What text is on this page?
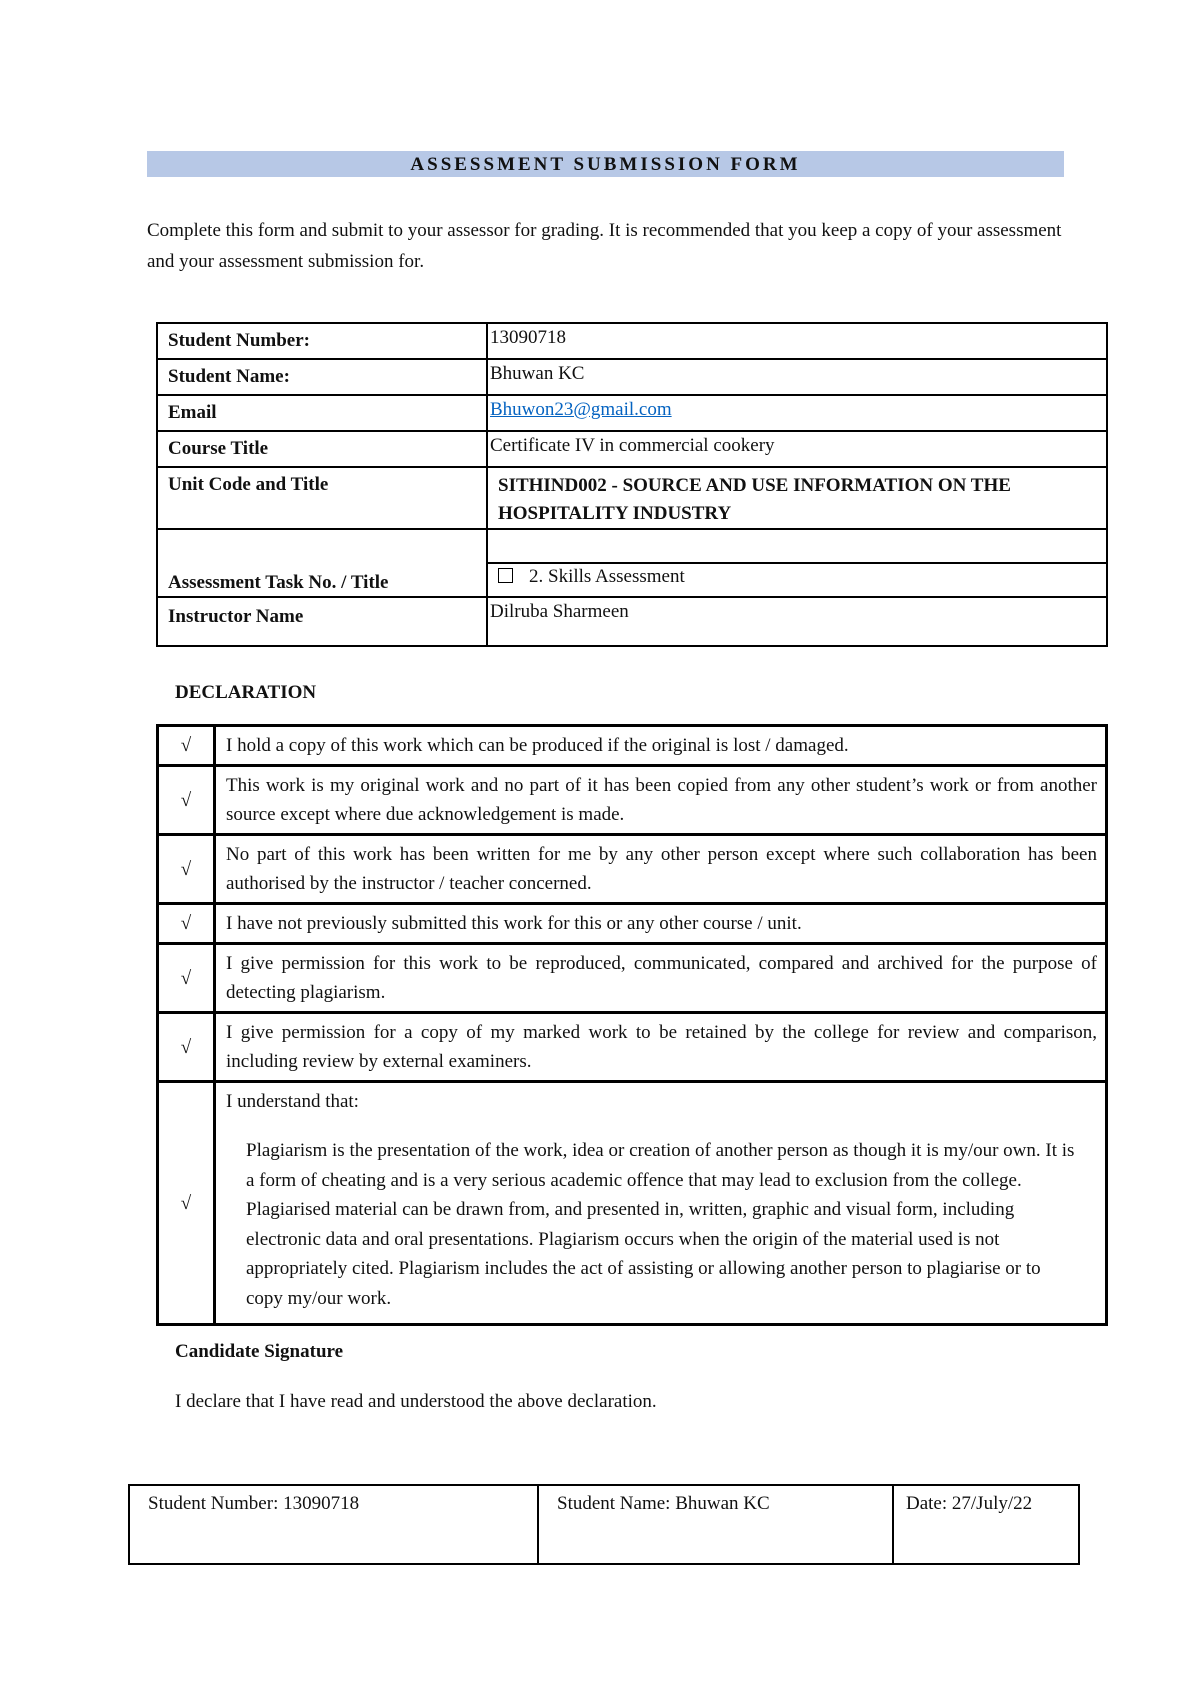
ASSESSMENT SUBMISSION FORM
Complete this form and submit to your assessor for grading. It is recommended that you keep a copy of your assessment and your assessment submission for.
Student Number:	13090718
Student Name:	Bhuwan KC
Email	Bhuwon23@gmail.com
Course Title	Certificate IV in commercial cookery
Unit Code and Title	SITHIND002 - SOURCE AND USE INFORMATION ON THE HOSPITALITY INDUSTRY
Assessment Task No. / Title	
	2. Skills Assessment
Instructor Name	Dilruba Sharmeen
DECLARATION
√	I hold a copy of this work which can be produced if the original is lost / damaged.
√	This work is my original work and no part of it has been copied from any other student’s work or from another source except where due acknowledgement is made.
√	No part of this work has been written for me by any other person except where such collaboration has been authorised by the instructor / teacher concerned.
√	I have not previously submitted this work for this or any other course / unit.
√	I give permission for this work to be reproduced, communicated, compared and archived for the purpose of detecting plagiarism.
√	I give permission for a copy of my marked work to be retained by the college for review and comparison, including review by external examiners.
√	I understand that:
Plagiarism is the presentation of the work, idea or creation of another person as though it is my/our own. It is a form of cheating and is a very serious academic offence that may lead to exclusion from the college. Plagiarised material can be drawn from, and presented in, written, graphic and visual form, including electronic data and oral presentations. Plagiarism occurs when the origin of the material used is not appropriately cited. Plagiarism includes the act of assisting or allowing another person to plagiarise or to copy my/our work.
Candidate Signature
I declare that I have read and understood the above declaration.
Student Number: 13090718	Student Name: Bhuwan KC	Date: 27/July/22
